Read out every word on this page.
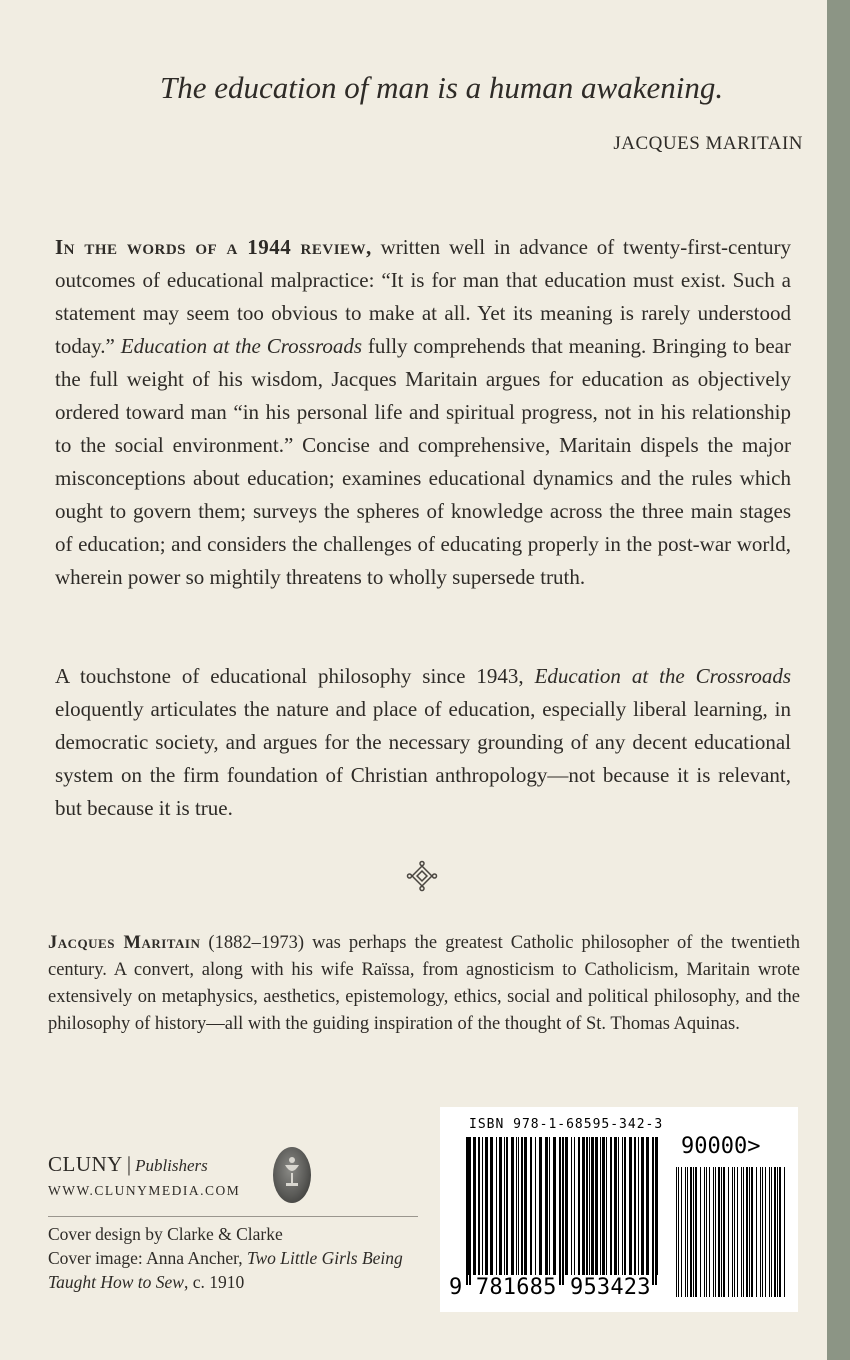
The education of man is a human awakening.
JACQUES MARITAIN
In the words of a 1944 review, written well in advance of twenty-first-century outcomes of educational malpractice: “It is for man that education must exist. Such a statement may seem too obvious to make at all. Yet its meaning is rarely understood today.” Education at the Crossroads fully comprehends that meaning. Bringing to bear the full weight of his wisdom, Jacques Maritain argues for education as objectively ordered toward man “in his personal life and spiritual progress, not in his relationship to the social environment.” Concise and comprehensive, Maritain dispels the major misconceptions about education; examines educational dynamics and the rules which ought to govern them; surveys the spheres of knowledge across the three main stages of education; and considers the challenges of educating properly in the post-war world, wherein power so mightily threatens to wholly supersede truth.
A touchstone of educational philosophy since 1943, Education at the Crossroads eloquently articulates the nature and place of education, especially liberal learning, in democratic society, and argues for the necessary grounding of any decent educational system on the firm foundation of Christian anthropology—not because it is relevant, but because it is true.
Jacques Maritain (1882–1973) was perhaps the greatest Catholic philosopher of the twentieth century. A convert, along with his wife Raïssa, from agnosticism to Catholicism, Maritain wrote extensively on metaphysics, aesthetics, epistemology, ethics, social and political philosophy, and the philosophy of history—all with the guiding inspiration of the thought of St. Thomas Aquinas.
CLUNY | Publishers
WWW.CLUNYMEDIA.COM
Cover design by Clarke & Clarke
Cover image: Anna Ancher, Two Little Girls Being Taught How to Sew, c. 1910
ISBN 978-1-68595-342-3
90000>
9 781685 953423
